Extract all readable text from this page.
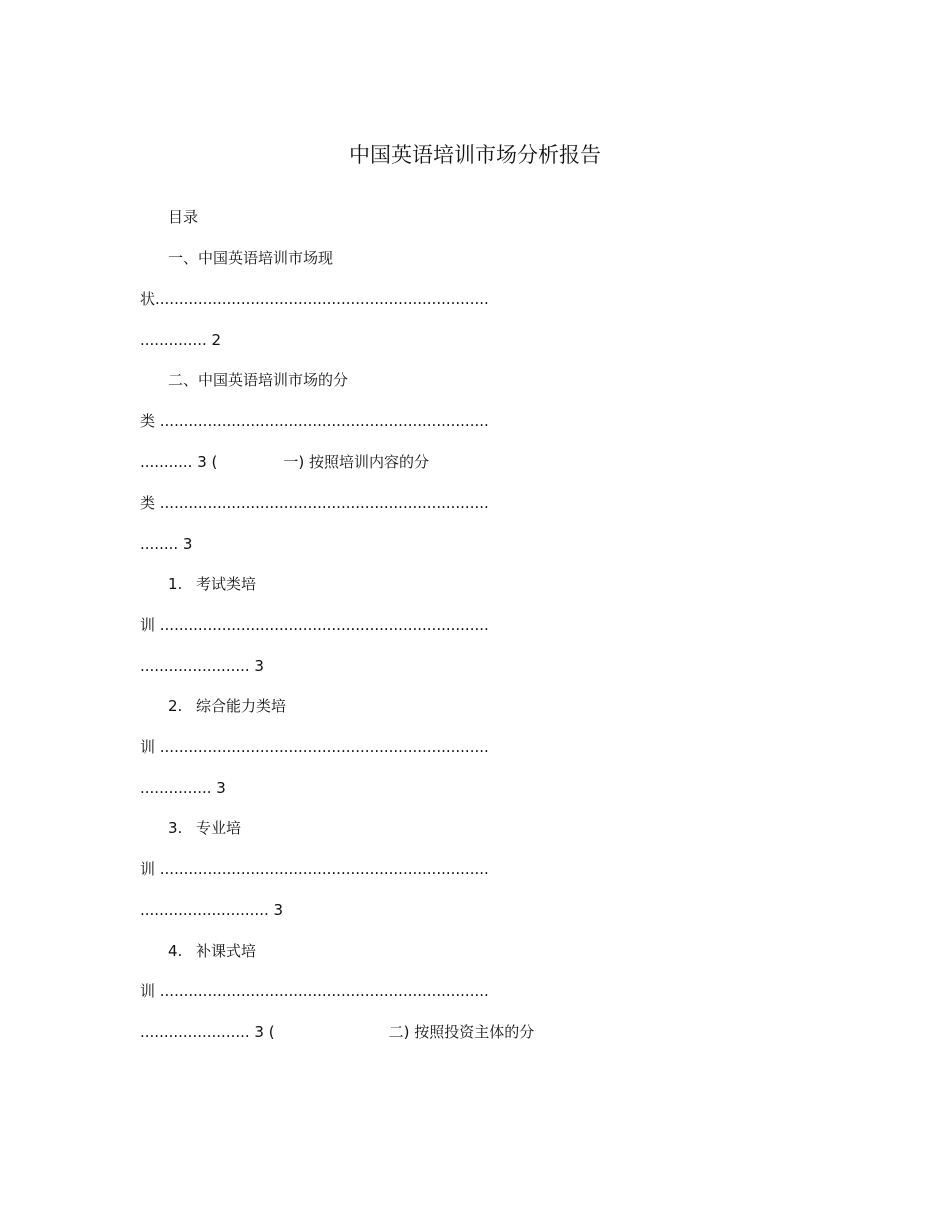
中国英语培训市场分析报告
目录
一、中国英语培训市场现
状......................................................................
.............. 2
二、中国英语培训市场的分
类 .....................................................................
........... 3 (	一) 按照培训内容的分
类 .....................................................................
........ 3
1. 考试类培
训 .....................................................................
....................... 3
2. 综合能力类培
训 .....................................................................
............... 3
3. 专业培
训 .....................................................................
........................... 3
4. 补课式培
训 .....................................................................
....................... 3 (	二) 按照投资主体的分
